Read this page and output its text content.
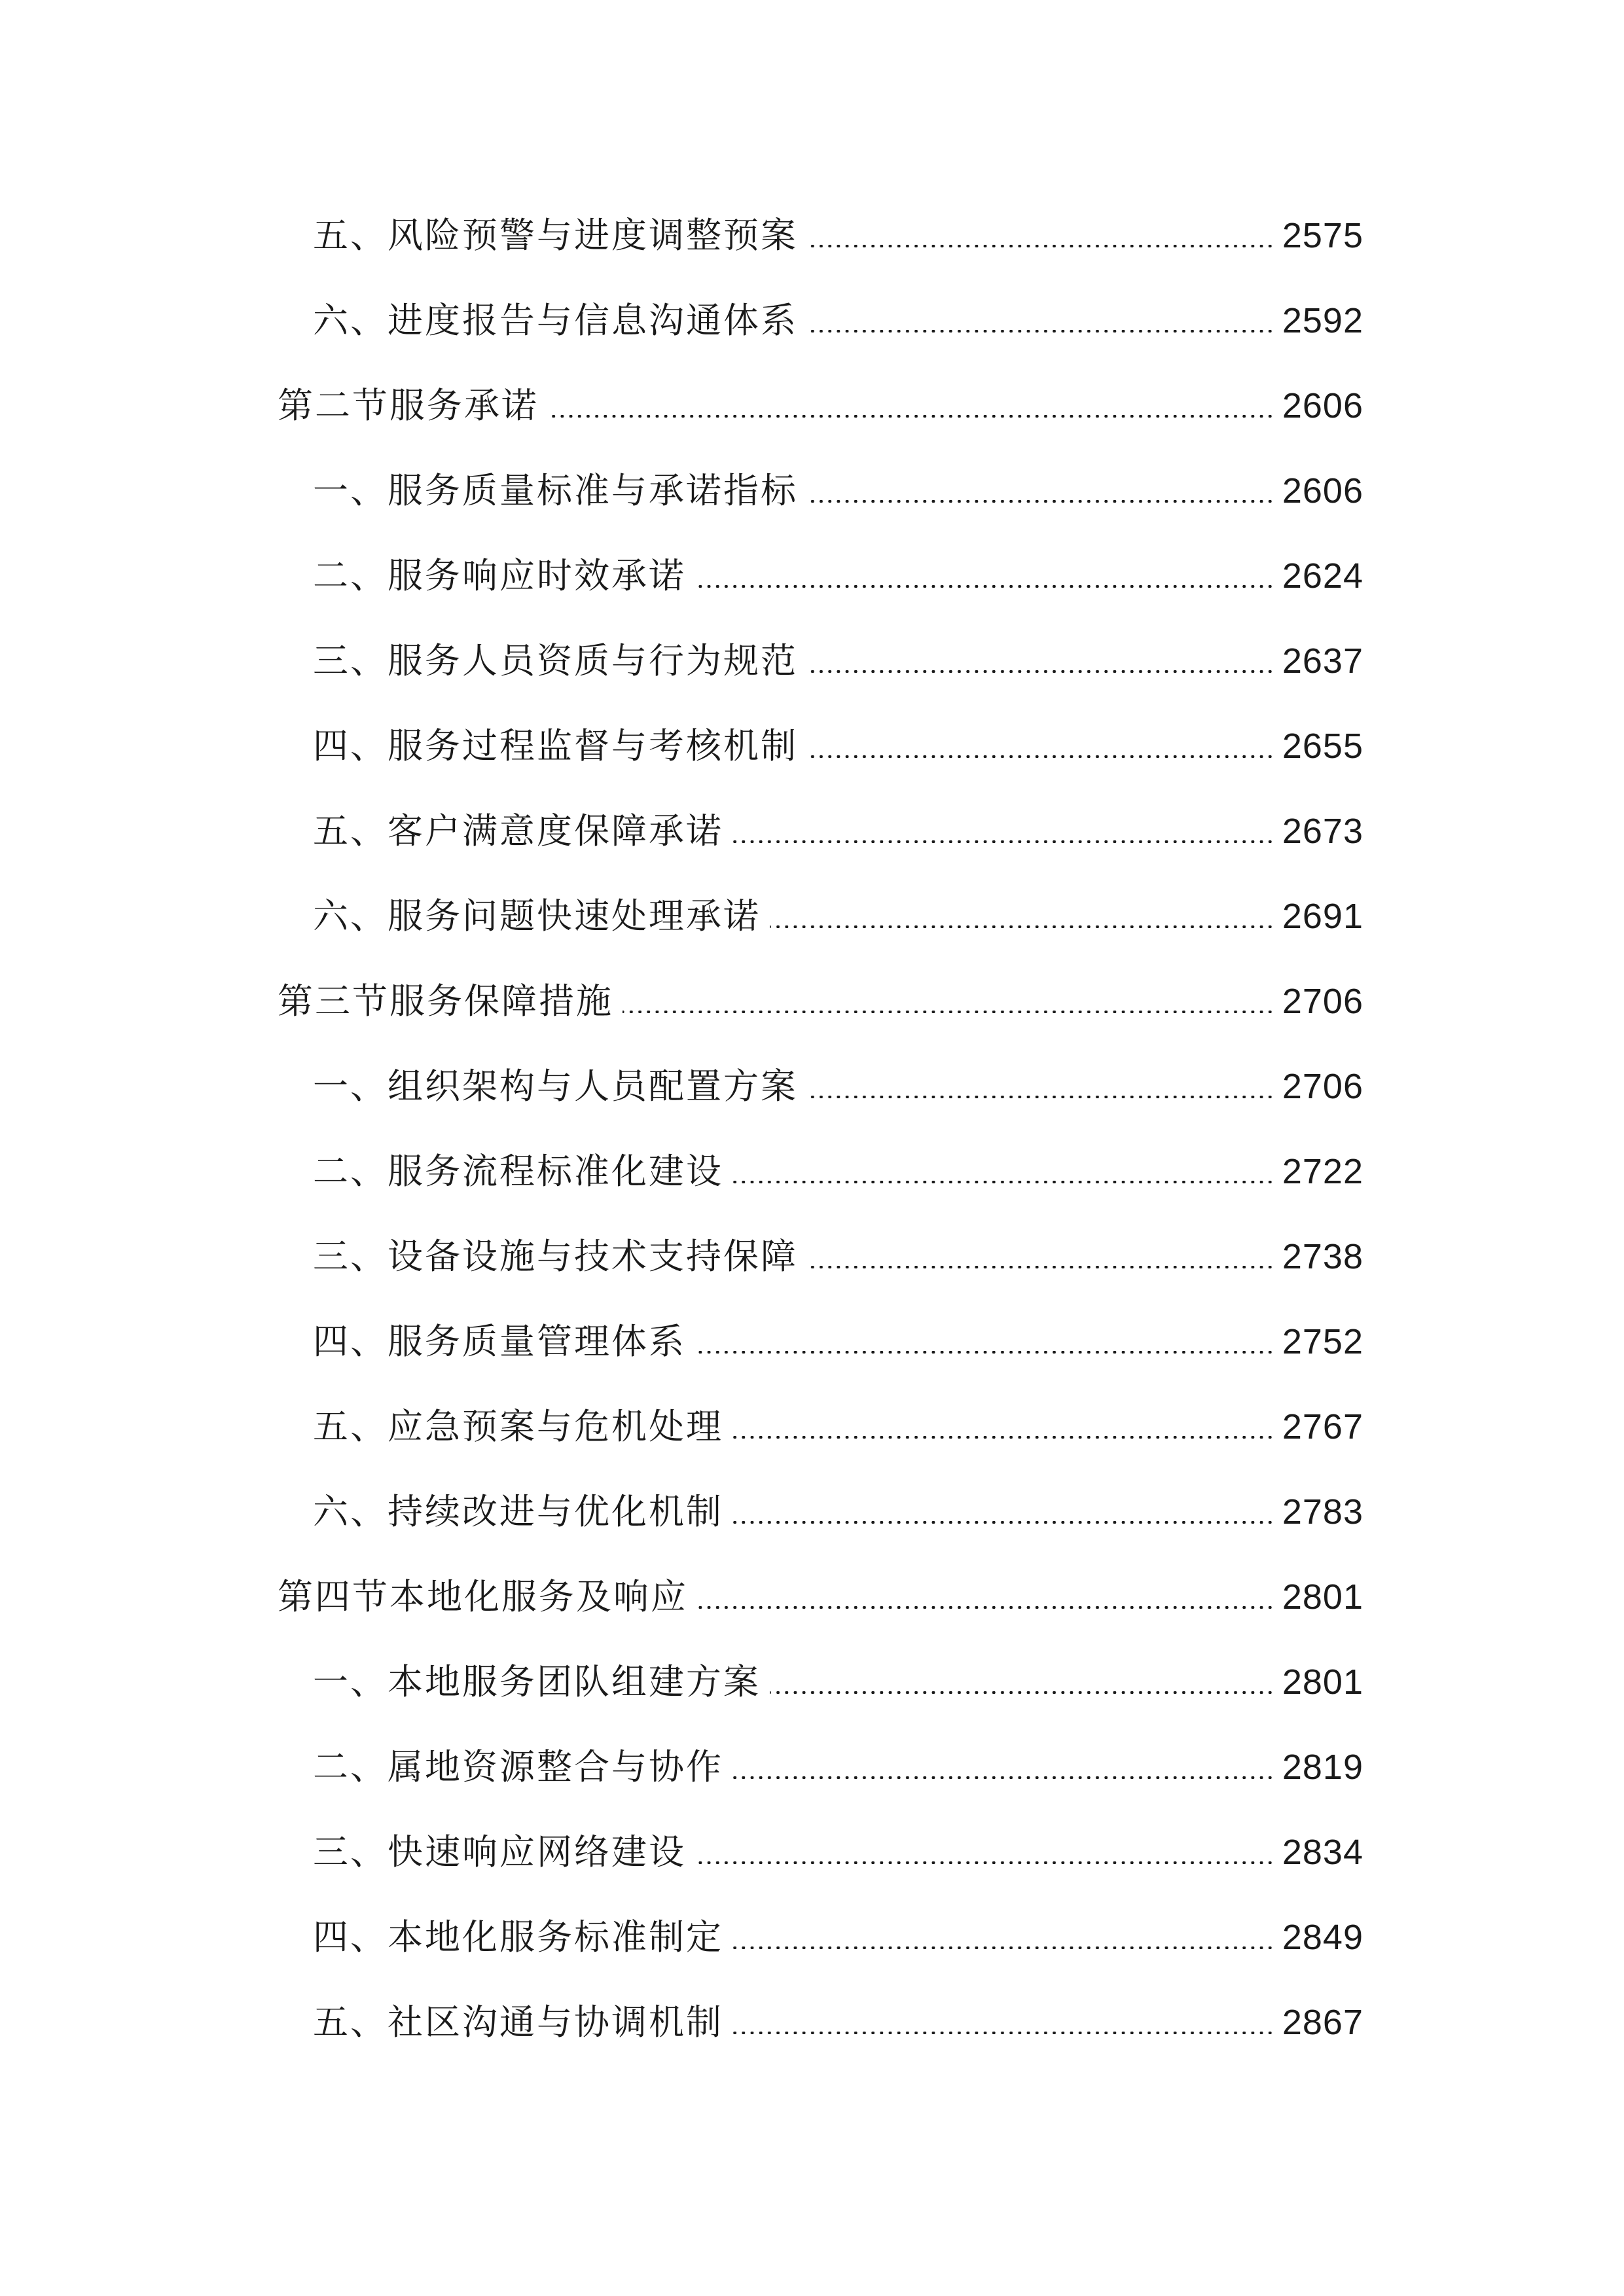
五、风险预警与进度调整预案	2575
六、进度报告与信息沟通体系	2592
第二节服务承诺	2606
一、服务质量标准与承诺指标	2606
二、服务响应时效承诺	2624
三、服务人员资质与行为规范	2637
四、服务过程监督与考核机制	2655
五、客户满意度保障承诺	2673
六、服务问题快速处理承诺	2691
第三节服务保障措施	2706
一、组织架构与人员配置方案	2706
二、服务流程标准化建设	2722
三、设备设施与技术支持保障	2738
四、服务质量管理体系	2752
五、应急预案与危机处理	2767
六、持续改进与优化机制	2783
第四节本地化服务及响应	2801
一、本地服务团队组建方案	2801
二、属地资源整合与协作	2819
三、快速响应网络建设	2834
四、本地化服务标准制定	2849
五、社区沟通与协调机制	2867
